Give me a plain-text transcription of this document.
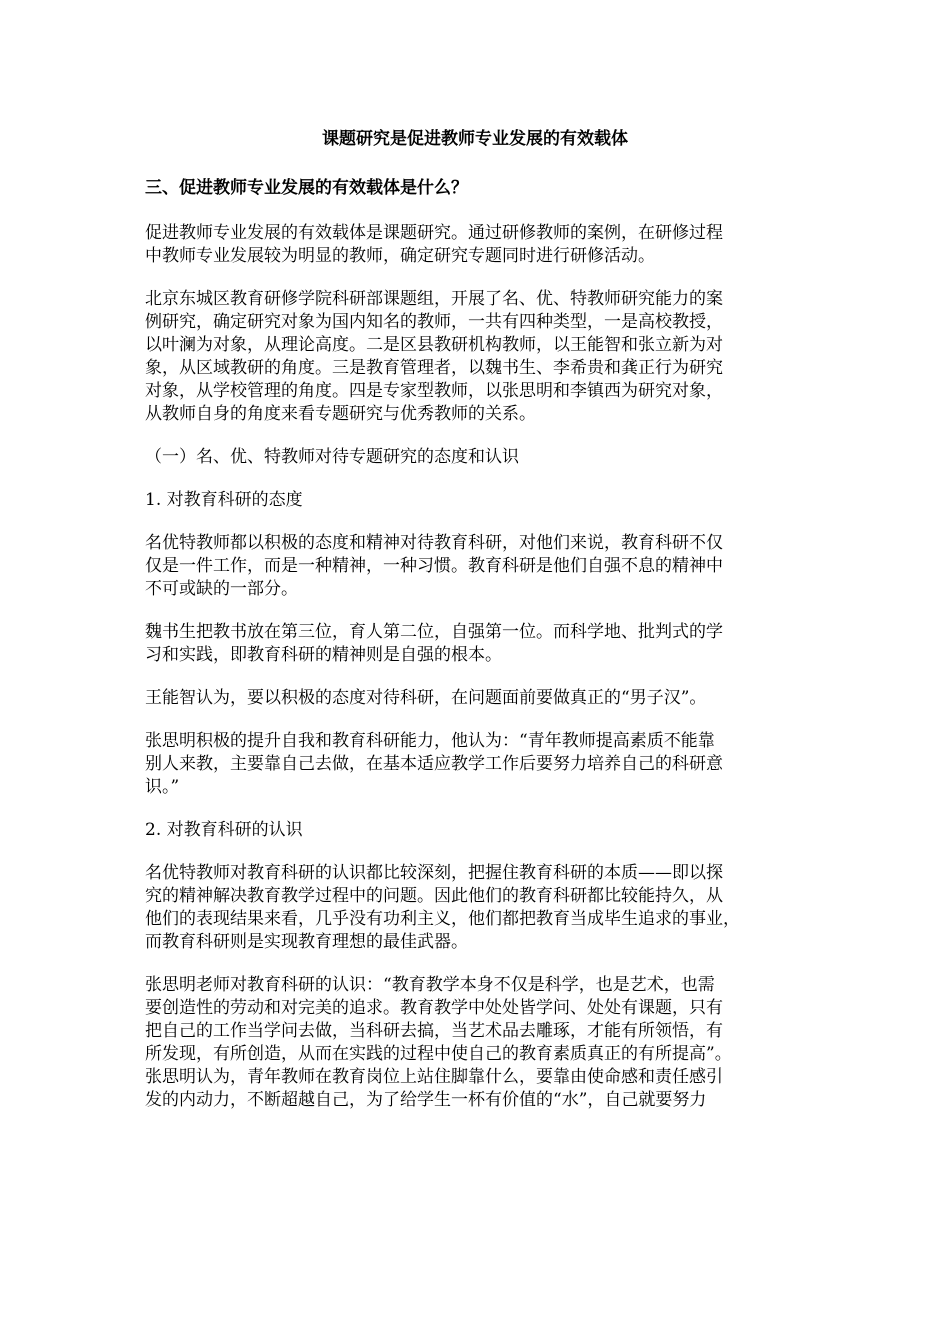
课题研究是促进教师专业发展的有效载体
三、促进教师专业发展的有效载体是什么？
促进教师专业发展的有效载体是课题研究。通过研修教师的案例，在研修过程
中教师专业发展较为明显的教师，确定研究专题同时进行研修活动。
北京东城区教育研修学院科研部课题组，开展了名、优、特教师研究能力的案
例研究，确定研究对象为国内知名的教师，一共有四种类型，一是高校教授，
以叶澜为对象，从理论高度。二是区县教研机构教师，以王能智和张立新为对
象，从区域教研的角度。三是教育管理者，以魏书生、李希贵和龚正行为研究
对象，从学校管理的角度。四是专家型教师，以张思明和李镇西为研究对象，
从教师自身的角度来看专题研究与优秀教师的关系。
（一）名、优、特教师对待专题研究的态度和认识
1. 对教育科研的态度
名优特教师都以积极的态度和精神对待教育科研，对他们来说，教育科研不仅
仅是一件工作，而是一种精神，一种习惯。教育科研是他们自强不息的精神中
不可或缺的一部分。
魏书生把教书放在第三位，育人第二位，自强第一位。而科学地、批判式的学
习和实践，即教育科研的精神则是自强的根本。
王能智认为，要以积极的态度对待科研，在问题面前要做真正的“男子汉”。
张思明积极的提升自我和教育科研能力，他认为：“青年教师提高素质不能靠
别人来教，主要靠自己去做，在基本适应教学工作后要努力培养自己的科研意
识。”
2. 对教育科研的认识
名优特教师对教育科研的认识都比较深刻，把握住教育科研的本质——即以探
究的精神解决教育教学过程中的问题。因此他们的教育科研都比较能持久，从
他们的表现结果来看，几乎没有功利主义，他们都把教育当成毕生追求的事业，
而教育科研则是实现教育理想的最佳武器。
张思明老师对教育科研的认识：“教育教学本身不仅是科学，也是艺术，也需
要创造性的劳动和对完美的追求。教育教学中处处皆学问、处处有课题，只有
把自己的工作当学问去做，当科研去搞，当艺术品去雕琢，才能有所领悟，有
所发现，有所创造，从而在实践的过程中使自己的教育素质真正的有所提高”。
张思明认为，青年教师在教育岗位上站住脚靠什么，要靠由使命感和责任感引
发的内动力，不断超越自己，为了给学生一杯有价值的“水”，自己就要努力
